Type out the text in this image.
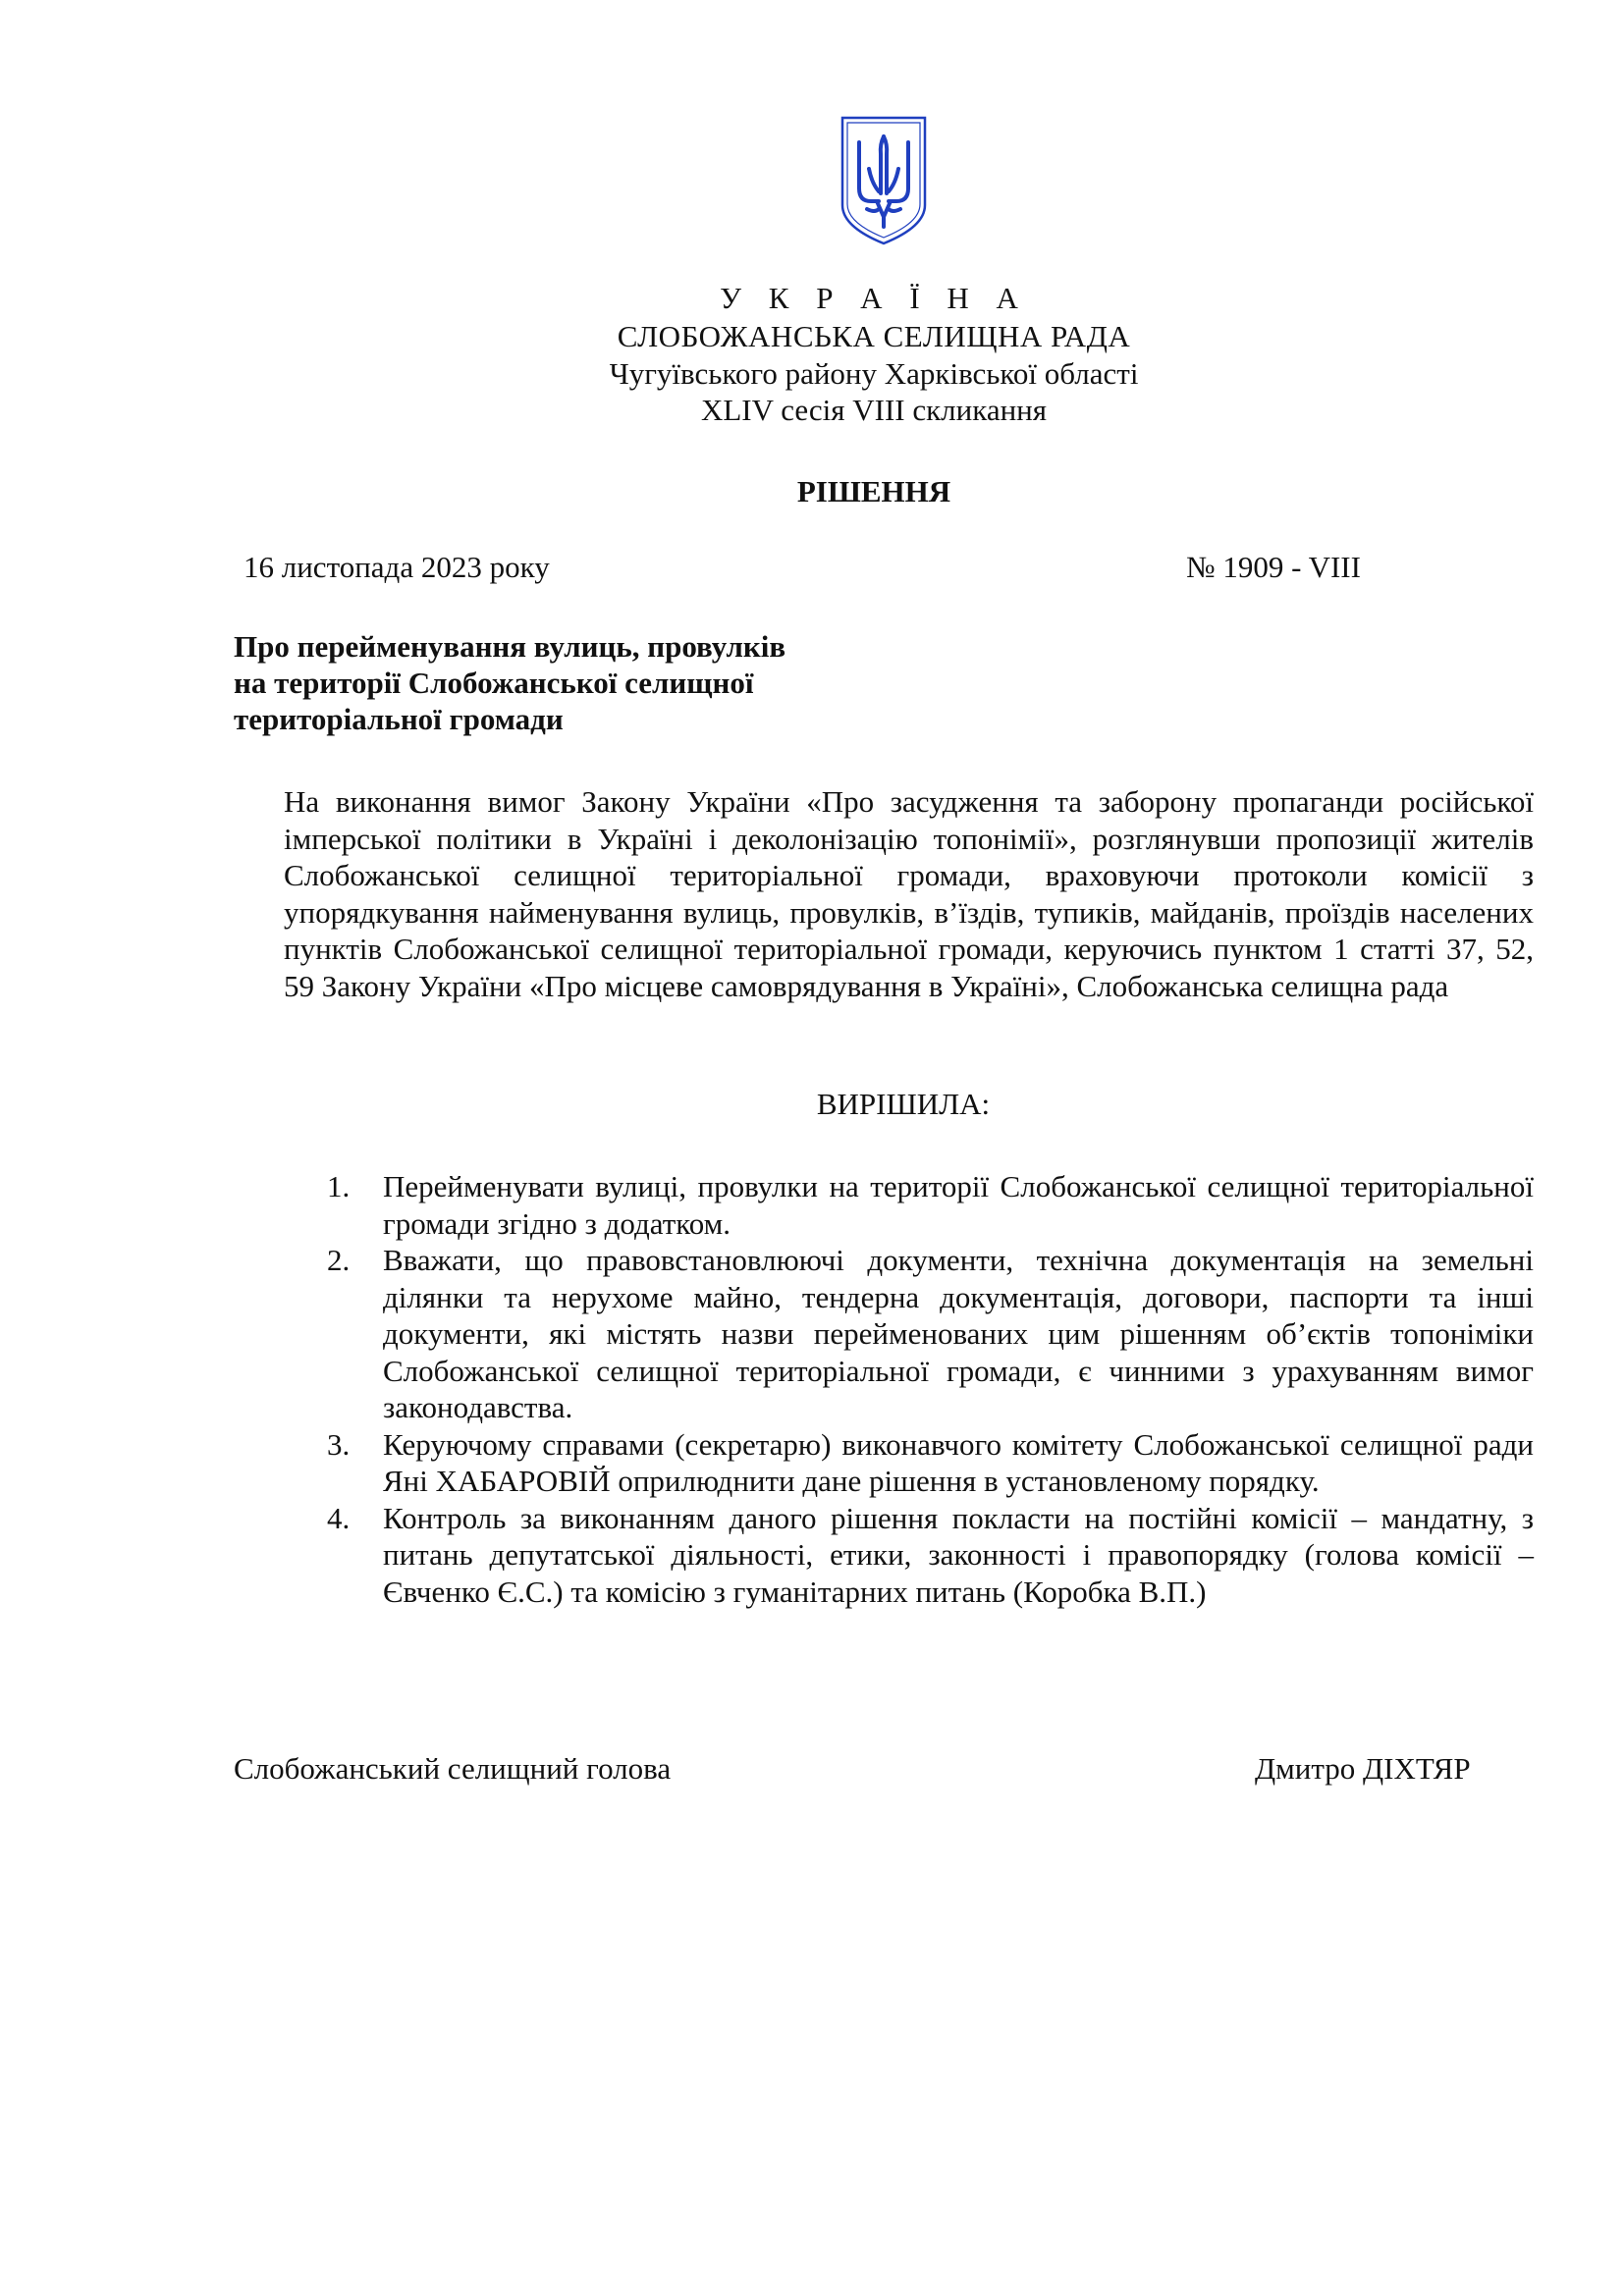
У К Р А Ї Н А
СЛОБОЖАНСЬКА СЕЛИЩНА РАДА
Чугуївського району Харківської області
XLIV сесія VIII скликання
РІШЕННЯ
16 листопада 2023 року	№ 1909 - VIII
Про перейменування вулиць, провулків
на території Слобожанської селищної
територіальної громади

На виконання вимог Закону України «Про засудження та заборону пропаганди російської імперської політики в Україні і деколонізацію топонімії», розглянувши пропозиції жителів Слобожанської селищної територіальної громади, враховуючи протоколи комісії з упорядкування найменування вулиць, провулків, в’їздів, тупиків, майданів, проїздів населених пунктів Слобожанської селищної територіальної громади, керуючись пунктом 1 статті 37, 52, 59 Закону України «Про місцеве самоврядування в Україні», Слобожанська селищна рада

ВИРІШИЛА:
1. Перейменувати вулиці, провулки на території Слобожанської селищної територіальної громади згідно з додатком.
2. Вважати, що правовстановлюючі документи, технічна документація на земельні ділянки та нерухоме майно, тендерна документація, договори, паспорти та інші документи, які містять назви перейменованих цим рішенням об’єктів топоніміки Слобожанської селищної територіальної громади, є чинними з урахуванням вимог законодавства.
3. Керуючому справами (секретарю) виконавчого комітету Слобожанської селищної ради Яні ХАБАРОВІЙ оприлюднити дане рішення в установленому порядку.
4. Контроль за виконанням даного рішення покласти на постійні комісії – мандатну, з питань депутатської діяльності, етики, законності і правопорядку (голова комісії – Євченко Є.С.) та комісію з гуманітарних питань (Коробка В.П.)
Слобожанський селищний голова	Дмитро ДІХТЯР
